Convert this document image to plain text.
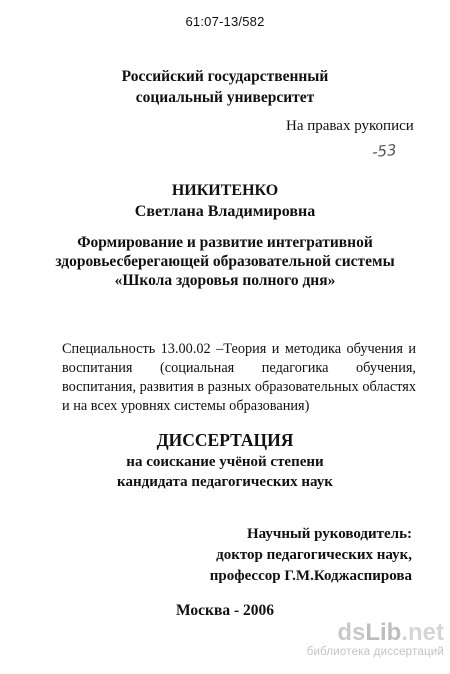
61:07-13/582
Российский государственный
социальный университет
На правах рукописи
-53
НИКИТЕНКО
Светлана Владимировна
Формирование и развитие интегративной
здоровьесберегающей образовательной системы
«Школа здоровья полного дня»
Специальность 13.00.02 –Теория и методика обучения и воспитания (социальная педагогика обучения, воспитания, развития в разных образовательных областях и на всех уровнях системы образования)
ДИССЕРТАЦИЯ
на соискание учёной степени
кандидата педагогических наук
Научный руководитель:
доктор педагогических наук,
профессор Г.М.Коджаспирова
Москва - 2006
dsLib.net
библиотека диссертаций
